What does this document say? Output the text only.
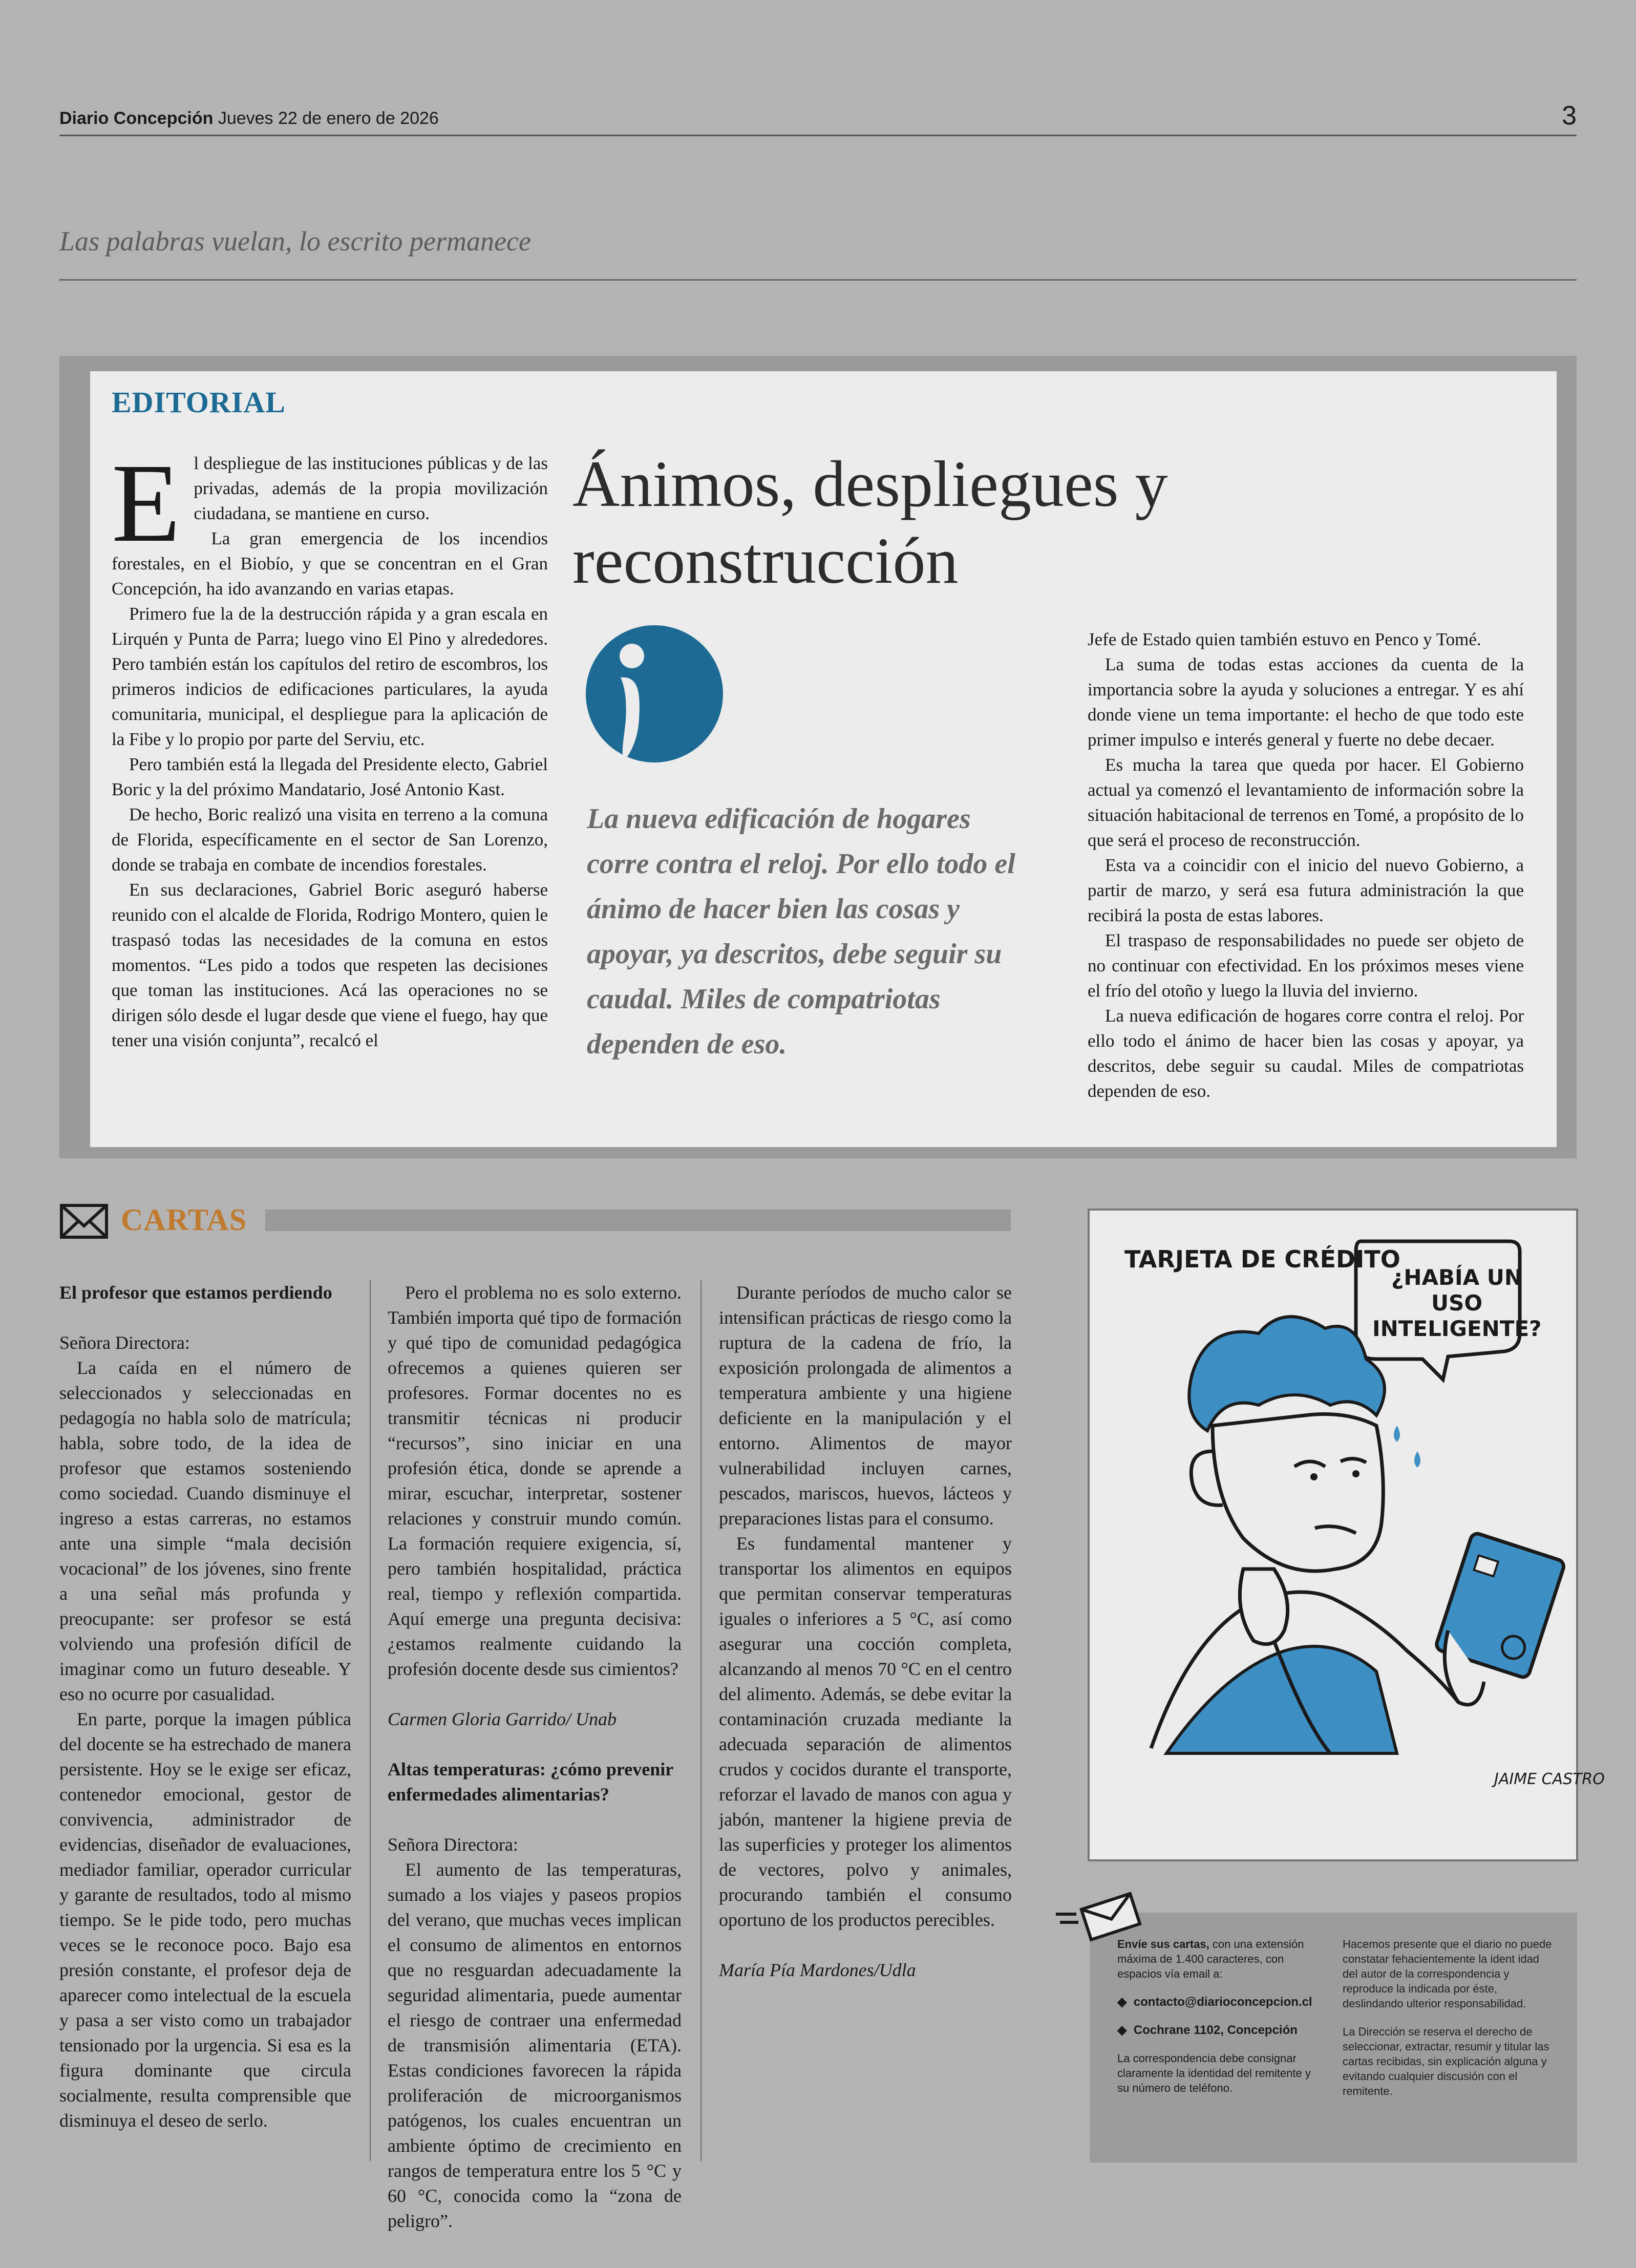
Diario Concepción Jueves 22 de enero de 2026	3
Las palabras vuelan, lo escrito permanece
EDITORIAL
E l despliegue de las instituciones públicas y de las privadas, además de la propia movilización ciudadana, se mantiene en curso.

La gran emergencia de los incendios forestales, en el Biobío, y que se concentran en el Gran Concepción, ha ido avanzando en varias etapas.

Primero fue la de la destrucción rápida y a gran escala en Lirquén y Punta de Parra; luego vino El Pino y alrededores. Pero también están los capítulos del retiro de escombros, los primeros indicios de edificaciones particulares, la ayuda comunitaria, municipal, el despliegue para la aplicación de la Fibe y lo propio por parte del Serviu, etc.

Pero también está la llegada del Presidente electo, Gabriel Boric y la del próximo Mandatario, José Antonio Kast.

De hecho, Boric realizó una visita en terreno a la comuna de Florida, específicamente en el sector de San Lorenzo, donde se trabaja en combate de incendios forestales.

En sus declaraciones, Gabriel Boric aseguró haberse reunido con el alcalde de Florida, Rodrigo Montero, quien le traspasó todas las necesidades de la comuna en estos momentos. “Les pido a todos que respeten las decisiones que toman las instituciones. Acá las operaciones no se dirigen sólo desde el lugar desde que viene el fuego, hay que tener una visión conjunta”, recalcó el

Ánimos, despliegues y reconstrucción
La nueva edificación de hogares corre contra el reloj. Por ello todo el ánimo de hacer bien las cosas y apoyar, ya descritos, debe seguir su caudal. Miles de compatriotas dependen de eso.

Jefe de Estado quien también estuvo en Penco y Tomé.

La suma de todas estas acciones da cuenta de la importancia sobre la ayuda y soluciones a entregar. Y es ahí donde viene un tema importante: el hecho de que todo este primer impulso e interés general y fuerte no debe decaer.

Es mucha la tarea que queda por hacer. El Gobierno actual ya comenzó el levantamiento de información sobre la situación habitacional de terrenos en Tomé, a propósito de lo que será el proceso de reconstrucción.

Esta va a coincidir con el inicio del nuevo Gobierno, a partir de marzo, y será esa futura administración la que recibirá la posta de estas labores.

El traspaso de responsabilidades no puede ser objeto de no continuar con efectividad. En los próximos meses viene el frío del otoño y luego la lluvia del invierno.

La nueva edificación de hogares corre contra el reloj. Por ello todo el ánimo de hacer bien las cosas y apoyar, ya descritos, debe seguir su caudal. Miles de compatriotas dependen de eso.

CARTAS

El profesor que estamos perdiendo

Señora Directora:

La caída en el número de seleccionados y seleccionadas en pedagogía no habla solo de matrícula; habla, sobre todo, de la idea de profesor que estamos sosteniendo como sociedad. Cuando disminuye el ingreso a estas carreras, no estamos ante una simple “mala decisión vocacional” de los jóvenes, sino frente a una señal más profunda y preocupante: ser profesor se está volviendo una profesión difícil de imaginar como un futuro deseable. Y eso no ocurre por casualidad.

En parte, porque la imagen pública del docente se ha estrechado de manera persistente. Hoy se le exige ser eficaz, contenedor emocional, gestor de convivencia, administrador de evidencias, diseñador de evaluaciones, mediador familiar, operador curricular y garante de resultados, todo al mismo tiempo. Se le pide todo, pero muchas veces se le reconoce poco. Bajo esa presión constante, el profesor deja de aparecer como intelectual de la escuela y pasa a ser visto como un trabajador tensionado por la urgencia. Si esa es la figura dominante que circula socialmente, resulta comprensible que disminuya el deseo de serlo.

Pero el problema no es solo externo. También importa qué tipo de formación y qué tipo de comunidad pedagógica ofrecemos a quienes quieren ser profesores. Formar docentes no es transmitir técnicas ni producir “recursos”, sino iniciar en una profesión ética, donde se aprende a mirar, escuchar, interpretar, sostener relaciones y construir mundo común. La formación requiere exigencia, sí, pero también hospitalidad, práctica real, tiempo y reflexión compartida. Aquí emerge una pregunta decisiva: ¿estamos realmente cuidando la profesión docente desde sus cimientos?

Carmen Gloria Garrido/ Unab

Altas temperaturas: ¿cómo prevenir enfermedades alimentarias?

Señora Directora:

El aumento de las temperaturas, sumado a los viajes y paseos propios del verano, que muchas veces implican el consumo de alimentos en entornos que no resguardan adecuadamente la seguridad alimentaria, puede aumentar el riesgo de contraer una enfermedad de transmisión alimentaria (ETA). Estas condiciones favorecen la rápida proliferación de microorganismos patógenos, los cuales encuentran un ambiente óptimo de crecimiento en rangos de temperatura entre los 5 °C y 60 °C, conocida como la “zona de peligro”.

Durante períodos de mucho calor se intensifican prácticas de riesgo como la ruptura de la cadena de frío, la exposición prolongada de alimentos a temperatura ambiente y una higiene deficiente en la manipulación y el entorno. Alimentos de mayor vulnerabilidad incluyen carnes, pescados, mariscos, huevos, lácteos y preparaciones listas para el consumo.

Es fundamental mantener y transportar los alimentos en equipos que permitan conservar temperaturas iguales o inferiores a 5 °C, así como asegurar una cocción completa, alcanzando al menos 70 °C en el centro del alimento. Además, se debe evitar la contaminación cruzada mediante la adecuada separación de alimentos crudos y cocidos durante el transporte, reforzar el lavado de manos con agua y jabón, mantener la higiene previa de las superficies y proteger los alimentos de vectores, polvo y animales, procurando también el consumo oportuno de los productos perecibles.

María Pía Mardones/Udla

JAIME CASTRO
TARJETA DE CRÉDITO
¿HABÍA UN USO INTELIGENTE?
Envíe sus cartas, con una extensión máxima de 1.400 caracteres, con espacios vía email a:
◆  contacto@diarioconcepcion.cl
◆  Cochrane 1102, Concepción
La correspondencia debe consignar claramente la identidad del remitente y su número de teléfono.
Hacemos presente que el diario no puede constatar fehacientemente la ident idad del autor de la correspondencia y reproduce la indicada por éste, deslindando ulterior responsabilidad.
La Dirección se reserva el derecho de seleccionar, extractar, resumir y titular las cartas recibidas, sin explicación alguna y evitando cualquier discusión con el remitente.
